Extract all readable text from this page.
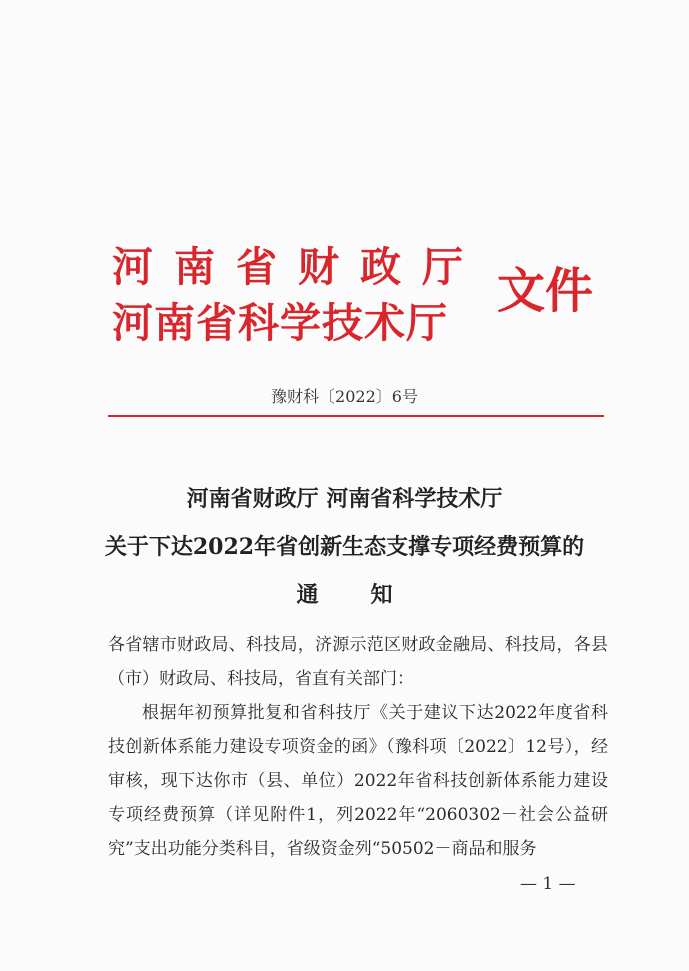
河南省财政厅
河南省科学技术厅
文件
豫财科〔2022〕6号
河南省财政厅 河南省科学技术厅
关于下达2022年省创新生态支撑专项经费预算的
通知
各省辖市财政局、科技局，济源示范区财政金融局、科技局，各县（市）财政局、科技局，省直有关部门：
根据年初预算批复和省科技厅《关于建议下达2022年度省科技创新体系能力建设专项资金的函》（豫科项〔2022〕12号），经审核，现下达你市（县、单位）2022年省科技创新体系能力建设专项经费预算（详见附件1，列2022年“2060302－社会公益研究”支出功能分类科目，省级资金列“50502－商品和服务
— 1 —
